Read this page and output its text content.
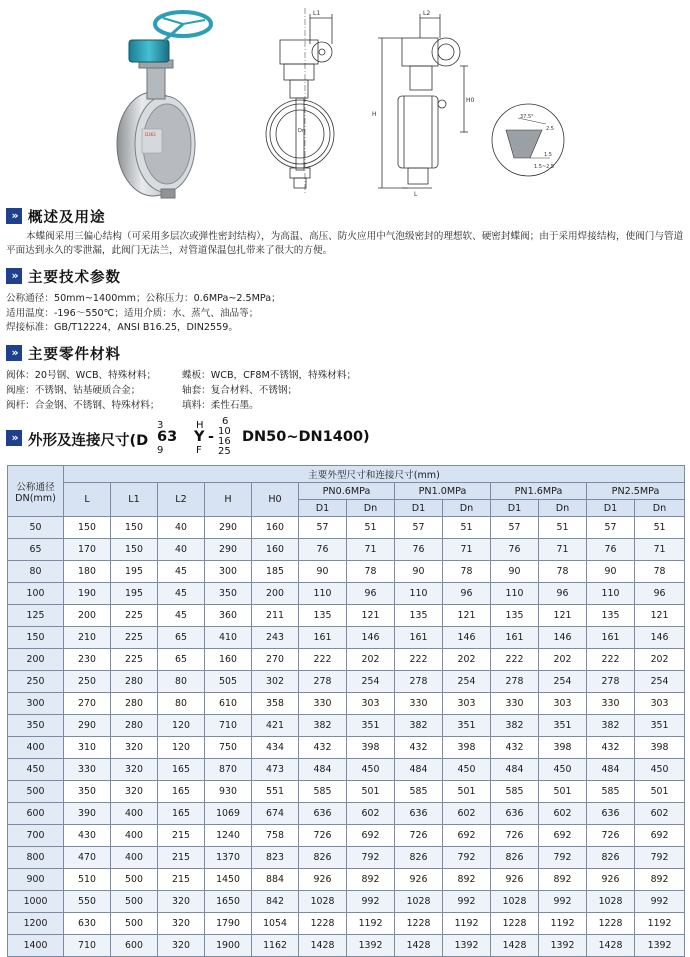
D363
L1
Dn
L2
H
H0
L
37.5°
1.5
2.5
1.5~2.5
» 概述及用途
本蝶阀采用三偏心结构（可采用多层次或弹性密封结构），为高温、高压、防火应用中气泡级密封的理想软、硬密封蝶阀；由于采用焊接结构，使阀门与管道平面达到永久的零泄漏，此阀门无法兰，对管道保温包扎带来了很大的方便。
» 主要技术参数
公称通径：50mm~1400mm；公称压力：0.6MPa~2.5MPa；
适用温度：-196～550℃；适用介质：水、蒸气、油品等；
焊接标准：GB/T12224，ANSI B16.25，DIN2559。
» 主要零件材料
阀体：20号钢、WCB、特殊材料；
阀座：不锈钢、钴基硬质合金；
阀杆：合金钢、不锈钢、特殊材料；
蝶板：WCB，CF8M不锈钢，特殊材料；
轴套：复合材料、不锈钢；
填料：柔性石墨。
» 外形及连接尺寸(D
3
63
9
H
Y
F
-
6
10
16
25
DN50~DN1400)
公称通径DN(mm)	主要外型尺寸和连接尺寸(mm)												
	L	L1	L2	H	H0	PN0.6MPa		PN1.0MPa		PN1.6MPa		PN2.5MPa	
						D1	Dn	D1	Dn	D1	Dn	D1	Dn
50	150	150	40	290	160	57	51	57	51	57	51	57	51
65	170	150	40	290	160	76	71	76	71	76	71	76	71
80	180	195	45	300	185	90	78	90	78	90	78	90	78
100	190	195	45	350	200	110	96	110	96	110	96	110	96
125	200	225	45	360	211	135	121	135	121	135	121	135	121
150	210	225	65	410	243	161	146	161	146	161	146	161	146
200	230	225	65	160	270	222	202	222	202	222	202	222	202
250	250	280	80	505	302	278	254	278	254	278	254	278	254
300	270	280	80	610	358	330	303	330	303	330	303	330	303
350	290	280	120	710	421	382	351	382	351	382	351	382	351
400	310	320	120	750	434	432	398	432	398	432	398	432	398
450	330	320	165	870	473	484	450	484	450	484	450	484	450
500	350	320	165	930	551	585	501	585	501	585	501	585	501
600	390	400	165	1069	674	636	602	636	602	636	602	636	602
700	430	400	215	1240	758	726	692	726	692	726	692	726	692
800	470	400	215	1370	823	826	792	826	792	826	792	826	792
900	510	500	215	1450	884	926	892	926	892	926	892	926	892
1000	550	500	320	1650	842	1028	992	1028	992	1028	992	1028	992
1200	630	500	320	1790	1054	1228	1192	1228	1192	1228	1192	1228	1192
1400	710	600	320	1900	1162	1428	1392	1428	1392	1428	1392	1428	1392
